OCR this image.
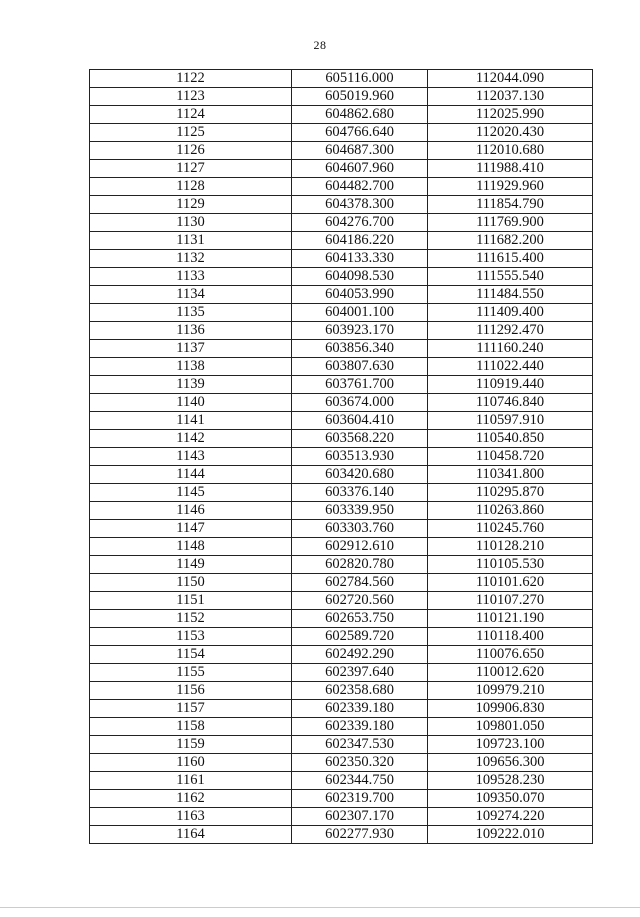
28
1122	605116.000	112044.090
1123	605019.960	112037.130
1124	604862.680	112025.990
1125	604766.640	112020.430
1126	604687.300	112010.680
1127	604607.960	111988.410
1128	604482.700	111929.960
1129	604378.300	111854.790
1130	604276.700	111769.900
1131	604186.220	111682.200
1132	604133.330	111615.400
1133	604098.530	111555.540
1134	604053.990	111484.550
1135	604001.100	111409.400
1136	603923.170	111292.470
1137	603856.340	111160.240
1138	603807.630	111022.440
1139	603761.700	110919.440
1140	603674.000	110746.840
1141	603604.410	110597.910
1142	603568.220	110540.850
1143	603513.930	110458.720
1144	603420.680	110341.800
1145	603376.140	110295.870
1146	603339.950	110263.860
1147	603303.760	110245.760
1148	602912.610	110128.210
1149	602820.780	110105.530
1150	602784.560	110101.620
1151	602720.560	110107.270
1152	602653.750	110121.190
1153	602589.720	110118.400
1154	602492.290	110076.650
1155	602397.640	110012.620
1156	602358.680	109979.210
1157	602339.180	109906.830
1158	602339.180	109801.050
1159	602347.530	109723.100
1160	602350.320	109656.300
1161	602344.750	109528.230
1162	602319.700	109350.070
1163	602307.170	109274.220
1164	602277.930	109222.010
